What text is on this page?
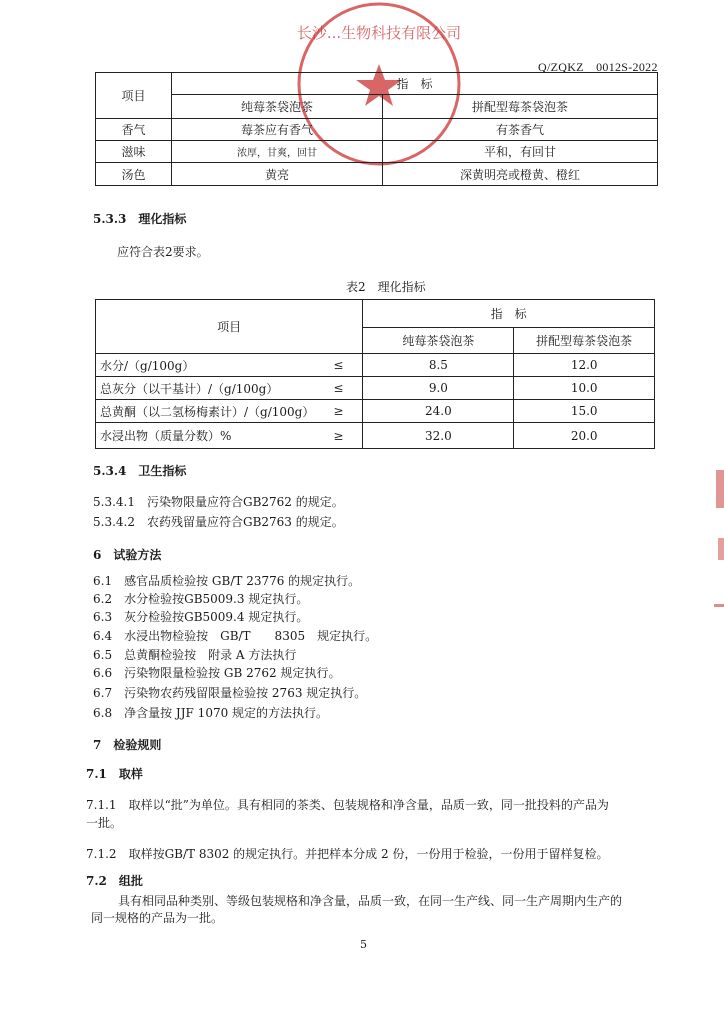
长沙...生物科技有限公司
Q/ZQKZ　0012S-2022
项目	指　标	
	纯莓茶袋泡茶	拼配型莓茶袋泡茶
香气	莓茶应有香气	有茶香气
滋味	浓厚，甘爽，回甘	平和，有回甘
汤色	黄亮	深黄明亮或橙黄、橙红
5.3.3　 理化指标
应符合表2要求。
表2　理化指标
项目		指　标	
		纯莓茶袋泡茶	拼配型莓茶袋泡茶
水分/（g/100g）	≤	8.5	12.0
总灰分（以干基计）/（g/100g）	≤	9.0	10.0
总黄酮（以二氢杨梅素计）/（g/100g）	≥	24.0	15.0
水浸出物（质量分数）%	≥	32.0	20.0
5.3.4　 卫生指标
5.3.4.1　 污染物限量应符合GB2762 的规定。
5.3.4.2　 农药残留量应符合GB2763 的规定。
6　 试验方法
6.1　 感官品质检验按 GB/T 23776 的规定执行。
6.2　 水分检验按GB5009.3 规定执行。
6.3　 灰分检验按GB5009.4 规定执行。
6.4　 水浸出物检验按　GB/T　　8305　规定执行。
6.5　 总黄酮检验按　附录 A 方法执行
6.6　 污染物限量检验按 GB 2762 规定执行。
6.7　 污染物农药残留限量检验按 2763 规定执行。
6.8　 净含量按 JJF 1070 规定的方法执行。
7　 检验规则
7.1　 取样
7.1.1　 取样以“批”为单位。具有相同的茶类、包装规格和净含量，品质一致，同一批投料的产品为
一批。
7.1.2　 取样按GB/T 8302 的规定执行。并把样本分成 2 份，一份用于检验，一份用于留样复检。
7.2　 组批
具有相同品种类别、等级包装规格和净含量，品质一致，在同一生产线、同一生产周期内生产的
同一规格的产品为一批。
5
